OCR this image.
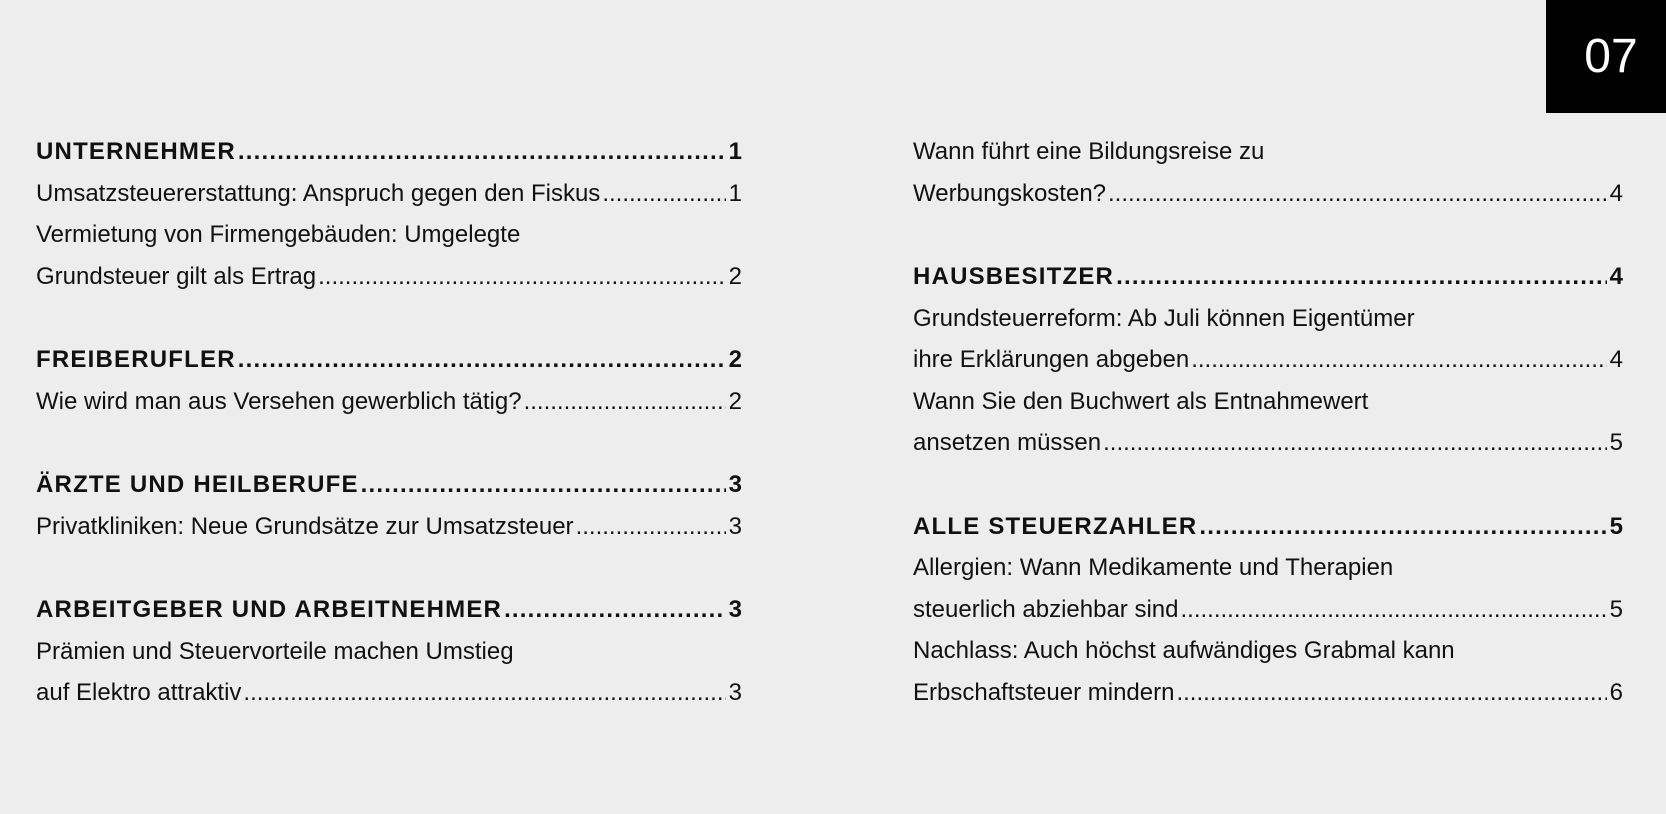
07
UNTERNEHMER .....	1
Umsatzsteuererstattung: Anspruch gegen den Fiskus .....	1
Vermietung von Firmengebäuden: Umgelegte
Grundsteuer gilt als Ertrag .....	2
FREIBERUFLER .....	2
Wie wird man aus Versehen gewerblich tätig? .....	2
ÄRZTE UND HEILBERUFE .....	3
Privatkliniken: Neue Grundsätze zur Umsatzsteuer .....	3
ARBEITGEBER UND ARBEITNEHMER .....	3
Prämien und Steuervorteile machen Umstieg
auf Elektro attraktiv .....	3
Wann führt eine Bildungsreise zu
Werbungskosten? .....	4
HAUSBESITZER .....	4
Grundsteuerreform: Ab Juli können Eigentümer
ihre Erklärungen abgeben .....	4
Wann Sie den Buchwert als Entnahmewert
ansetzen müssen .....	5
ALLE STEUERZAHLER .....	5
Allergien: Wann Medikamente und Therapien
steuerlich abziehbar sind .....	5
Nachlass: Auch höchst aufwändiges Grabmal kann
Erbschaftsteuer mindern .....	6
